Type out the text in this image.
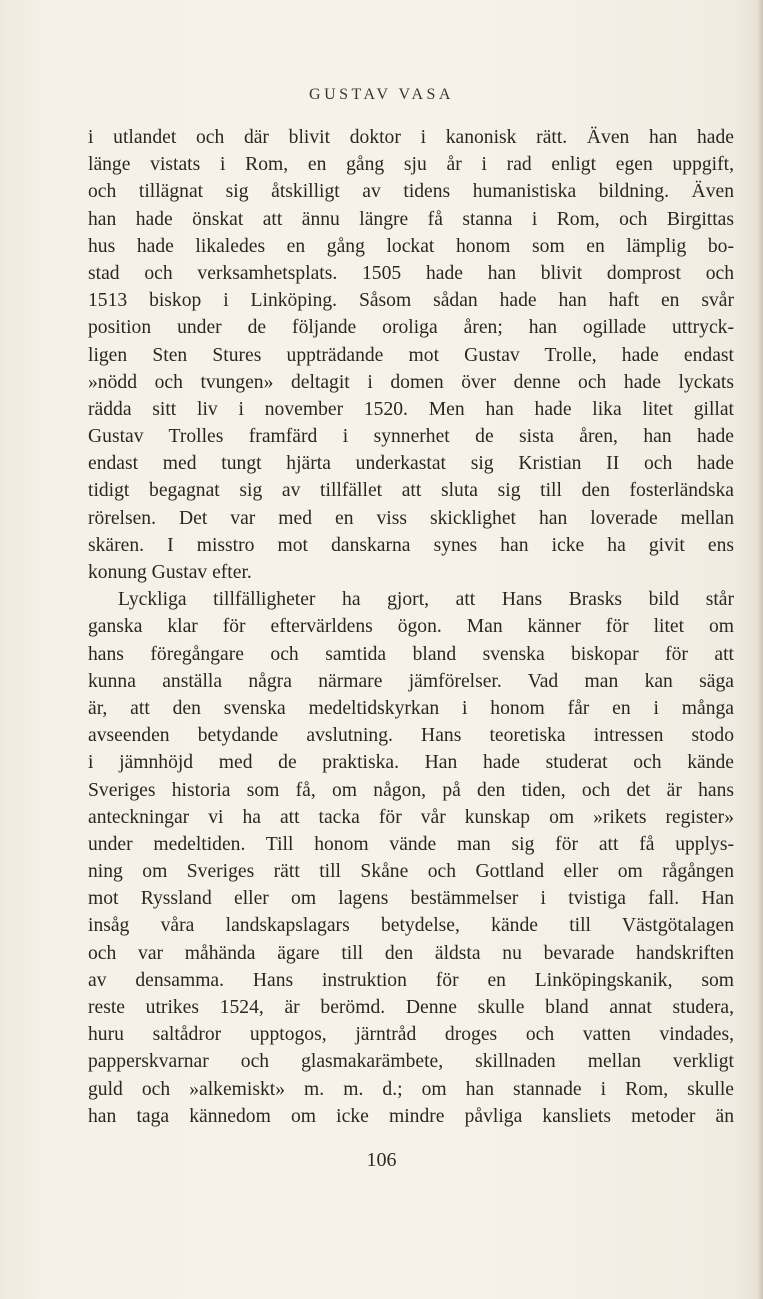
GUSTAV VASA
i utlandet och där blivit doktor i kanonisk rätt. Även han hade
länge vistats i Rom, en gång sju år i rad enligt egen uppgift,
och tillägnat sig åtskilligt av tidens humanistiska bildning. Även
han hade önskat att ännu längre få stanna i Rom, och Birgittas
hus hade likaledes en gång lockat honom som en lämplig bo-
stad och verksamhetsplats. 1505 hade han blivit domprost och
1513 biskop i Linköping. Såsom sådan hade han haft en svår
position under de följande oroliga åren; han ogillade uttryck-
ligen Sten Stures uppträdande mot Gustav Trolle, hade endast
»nödd och tvungen» deltagit i domen över denne och hade lyckats
rädda sitt liv i november 1520. Men han hade lika litet gillat
Gustav Trolles framfärd i synnerhet de sista åren, han hade
endast med tungt hjärta underkastat sig Kristian II och hade
tidigt begagnat sig av tillfället att sluta sig till den fosterländska
rörelsen. Det var med en viss skicklighet han loverade mellan
skären. I misstro mot danskarna synes han icke ha givit ens
konung Gustav efter.
Lyckliga tillfälligheter ha gjort, att Hans Brasks bild står
ganska klar för eftervärldens ögon. Man känner för litet om
hans föregångare och samtida bland svenska biskopar för att
kunna anställa några närmare jämförelser. Vad man kan säga
är, att den svenska medeltidskyrkan i honom får en i många
avseenden betydande avslutning. Hans teoretiska intressen stodo
i jämnhöjd med de praktiska. Han hade studerat och kände
Sveriges historia som få, om någon, på den tiden, och det är hans
anteckningar vi ha att tacka för vår kunskap om »rikets register»
under medeltiden. Till honom vände man sig för att få upplys-
ning om Sveriges rätt till Skåne och Gottland eller om rågången
mot Ryssland eller om lagens bestämmelser i tvistiga fall. Han
insåg våra landskapslagars betydelse, kände till Västgötalagen
och var måhända ägare till den äldsta nu bevarade handskriften
av densamma. Hans instruktion för en Linköpingskanik, som
reste utrikes 1524, är berömd. Denne skulle bland annat studera,
huru saltådror upptogos, järntråd droges och vatten vindades,
papperskvarnar och glasmakarämbete, skillnaden mellan verkligt
guld och »alkemiskt» m. m. d.; om han stannade i Rom, skulle
han taga kännedom om icke mindre påvliga kansliets metoder än
106
